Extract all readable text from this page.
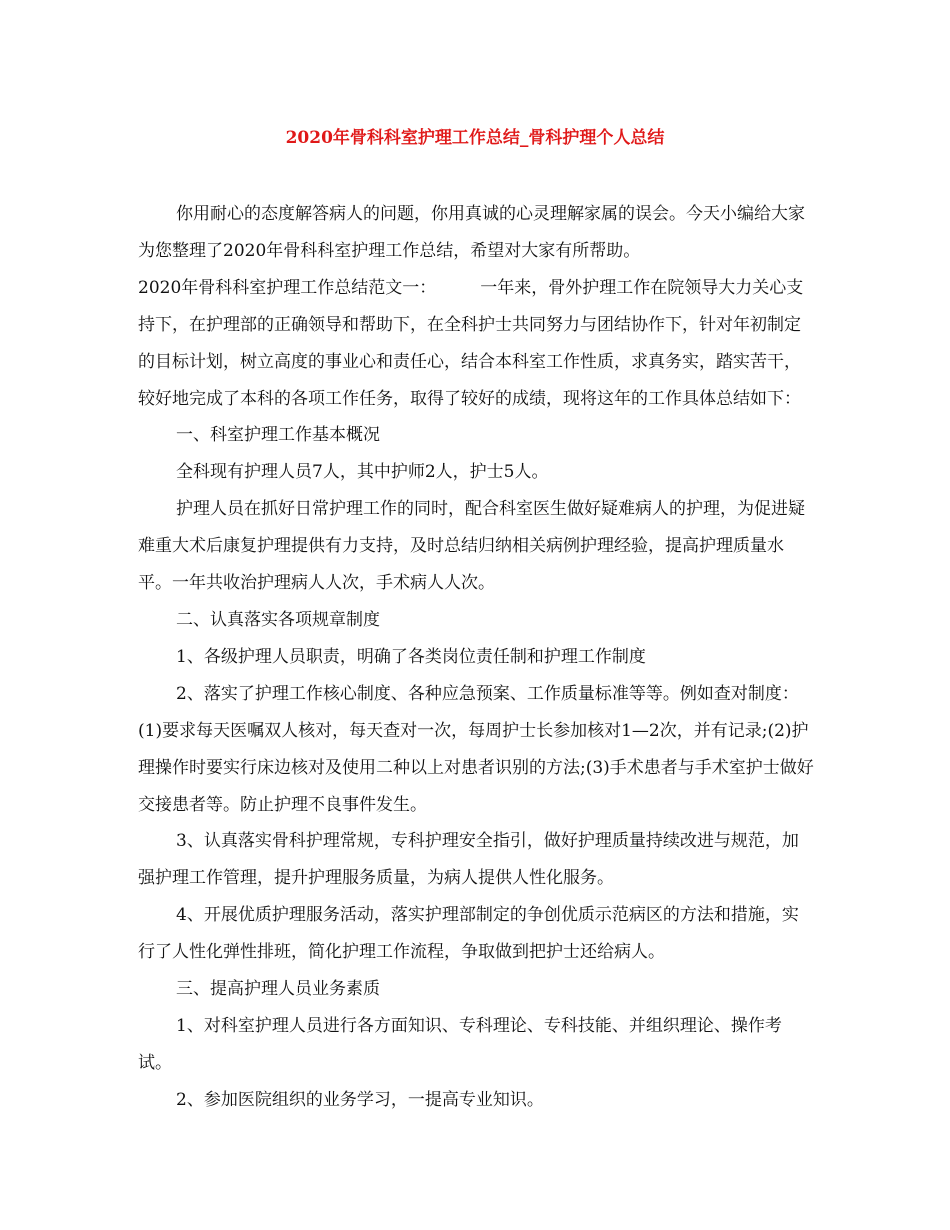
2020年骨科科室护理工作总结_骨科护理个人总结

你用耐心的态度解答病人的问题，你用真诚的心灵理解家属的误会。今天小编给大家为您整理了2020年骨科科室护理工作总结，希望对大家有所帮助。

2020年骨科科室护理工作总结范文一：	一年来，骨外护理工作在院领导大力关心支持下，在护理部的正确领导和帮助下，在全科护士共同努力与团结协作下，针对年初制定的目标计划，树立高度的事业心和责任心，结合本科室工作性质，求真务实，踏实苦干，较好地完成了本科的各项工作任务，取得了较好的成绩，现将这年的工作具体总结如下：

一、科室护理工作基本概况

全科现有护理人员7人，其中护师2人，护士5人。

护理人员在抓好日常护理工作的同时，配合科室医生做好疑难病人的护理，为促进疑难重大术后康复护理提供有力支持，及时总结归纳相关病例护理经验，提高护理质量水平。一年共收治护理病人人次，手术病人人次。

二、认真落实各项规章制度

1、各级护理人员职责，明确了各类岗位责任制和护理工作制度

2、落实了护理工作核心制度、各种应急预案、工作质量标准等等。例如查对制度：(1)要求每天医嘱双人核对，每天查对一次，每周护士长参加核对1—2次，并有记录;(2)护理操作时要实行床边核对及使用二种以上对患者识别的方法;(3)手术患者与手术室护士做好交接患者等。防止护理不良事件发生。

3、认真落实骨科护理常规，专科护理安全指引，做好护理质量持续改进与规范，加强护理工作管理，提升护理服务质量，为病人提供人性化服务。

4、开展优质护理服务活动，落实护理部制定的争创优质示范病区的方法和措施，实行了人性化弹性排班，简化护理工作流程，争取做到把护士还给病人。

三、提高护理人员业务素质

1、对科室护理人员进行各方面知识、专科理论、专科技能、并组织理论、操作考试。

2、参加医院组织的业务学习，一提高专业知识。
